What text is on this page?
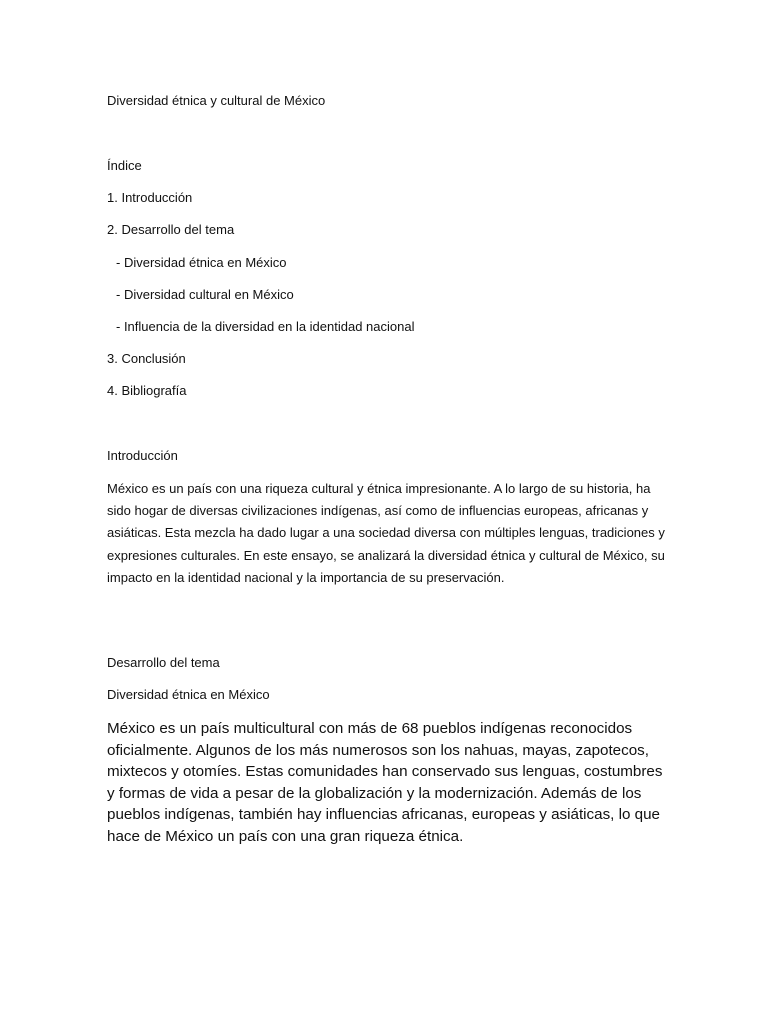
Diversidad étnica y cultural de México

Índice

1. Introducción

2. Desarrollo del tema

- Diversidad étnica en México

- Diversidad cultural en México

- Influencia de la diversidad en la identidad nacional

3. Conclusión

4. Bibliografía

Introducción

México es un país con una riqueza cultural y étnica impresionante. A lo largo de su historia, ha sido hogar de diversas civilizaciones indígenas, así como de influencias europeas, africanas y asiáticas. Esta mezcla ha dado lugar a una sociedad diversa con múltiples lenguas, tradiciones y expresiones culturales. En este ensayo, se analizará la diversidad étnica y cultural de México, su impacto en la identidad nacional y la importancia de su preservación.

Desarrollo del tema

Diversidad étnica en México

México es un país multicultural con más de 68 pueblos indígenas reconocidos oficialmente. Algunos de los más numerosos son los nahuas, mayas, zapotecos, mixtecos y otomíes. Estas comunidades han conservado sus lenguas, costumbres y formas de vida a pesar de la globalización y la modernización. Además de los pueblos indígenas, también hay influencias africanas, europeas y asiáticas, lo que hace de México un país con una gran riqueza étnica.
